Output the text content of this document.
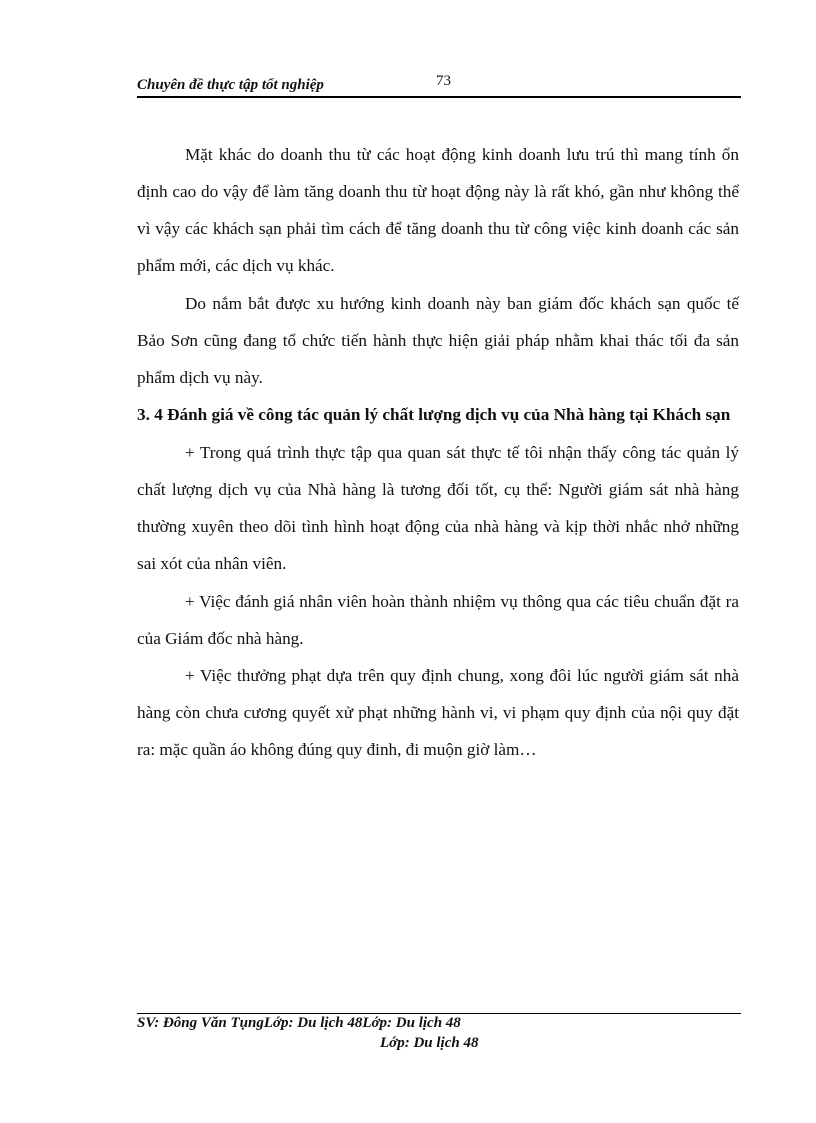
Chuyên đề thực tập tốt nghiệp	73

Mặt khác do doanh thu từ các hoạt động kinh doanh lưu trú thì mang tính ổn định cao do vậy để làm tăng doanh thu từ hoạt động này là rất khó, gần như không thể vì vậy các khách sạn phải tìm cách để tăng doanh thu từ công việc kinh doanh các sản phẩm mới, các dịch vụ khác.

Do nắm bắt được xu hướng kinh doanh này ban giám đốc khách sạn quốc tế Bảo Sơn cũng đang tổ chức tiến hành thực hiện giải pháp nhằm khai thác tối đa sản phẩm dịch vụ này.

3. 4 Đánh giá về công tác quản lý chất lượng dịch vụ của Nhà hàng tại Khách sạn

+ Trong quá trình thực tập qua quan sát thực tế tôi nhận thấy công tác quản lý chất lượng dịch vụ của Nhà hàng là tương đối tốt, cụ thể: Người giám sát nhà hàng thường xuyên theo dõi tình hình hoạt động của nhà hàng và kịp thời nhắc nhở những sai xót của nhân viên.

+ Việc đánh giá nhân viên hoàn thành nhiệm vụ thông qua các tiêu chuẩn đặt ra của Giám đốc nhà hàng.

+ Việc thưởng phạt dựa trên quy định chung, xong đôi lúc người giám sát nhà hàng còn chưa cương quyết xử phạt những hành vi, vi phạm quy định của nội quy đặt ra: mặc quần áo không đúng quy đinh, đi muộn giờ làm…

SV: Đông Văn TụngLớp: Du lịch 48Lớp: Du lịch 48
Lớp: Du lịch 48
